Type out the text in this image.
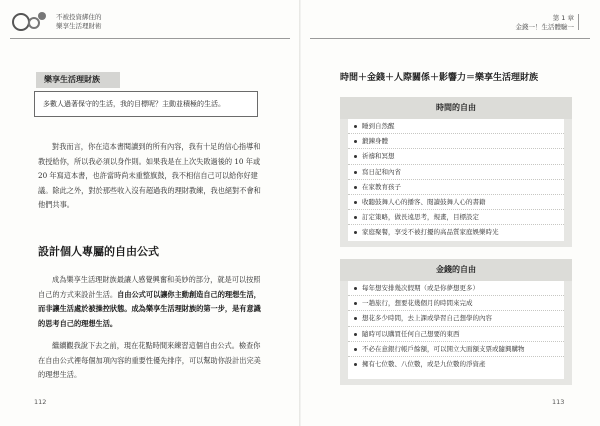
不被投資綁住的
樂享生活理財術
第 1 章
金錢一！生活體驗一
樂享生活理財族
多數人過著保守的生活，我的目標呢？主動並積極的生活。

對我而言，你在這本書閱讀到的所有內容，我有十足的信心指導和教授給你，所以我必須以身作則。如果我是在上次失敗過後的 10 年或 20 年寫這本書，也許當時尚未重整旗鼓，我不相信自己可以給你好建議。除此之外，對於那些收入沒有超過我的理財教練，我也絕對不會和他們共事。

設計個人專屬的自由公式

成為樂享生活理財族最讓人感覺興奮和美妙的部分，就是可以按照自己的方式來設計生活。自由公式可以讓你主動創造自己的理想生活，而非讓生活處於被操控狀態。成為樂享生活理財族的第一步，是有意識的思考自己的理想生活。

繼續觀我說下去之前，現在花點時間來練習這個自由公式。檢查你在自由公式裡每個加項內容的重要性優先排序，可以幫助你設計出完美的理想生活。

112
時間＋金錢＋人際關係＋影響力＝樂享生活理財族
時間的自由
睡到自然醒
鍛鍊身體
祈禱和冥想
寫日記和內省
在家教育孩子
收聽鼓舞人心的播客、閱讀鼓舞人心的書籍
訂定策略，做長遠思考，規畫，目標設定
家庭聚餐，享受不被打擾的高品質家庭娛樂時光
金錢的自由
每年想安排幾次假期（或是你夢想更多）
一趟旅行，想要花幾個月的時間來完成
想花多少時間，去上課或學習自己想學的內容
隨時可以購買任何自己想要的東西
不必在意銀行帳戶餘額，可以開立大面額支票或隨興購物
擁有七位數、八位數，或是九位數的淨資產
113
